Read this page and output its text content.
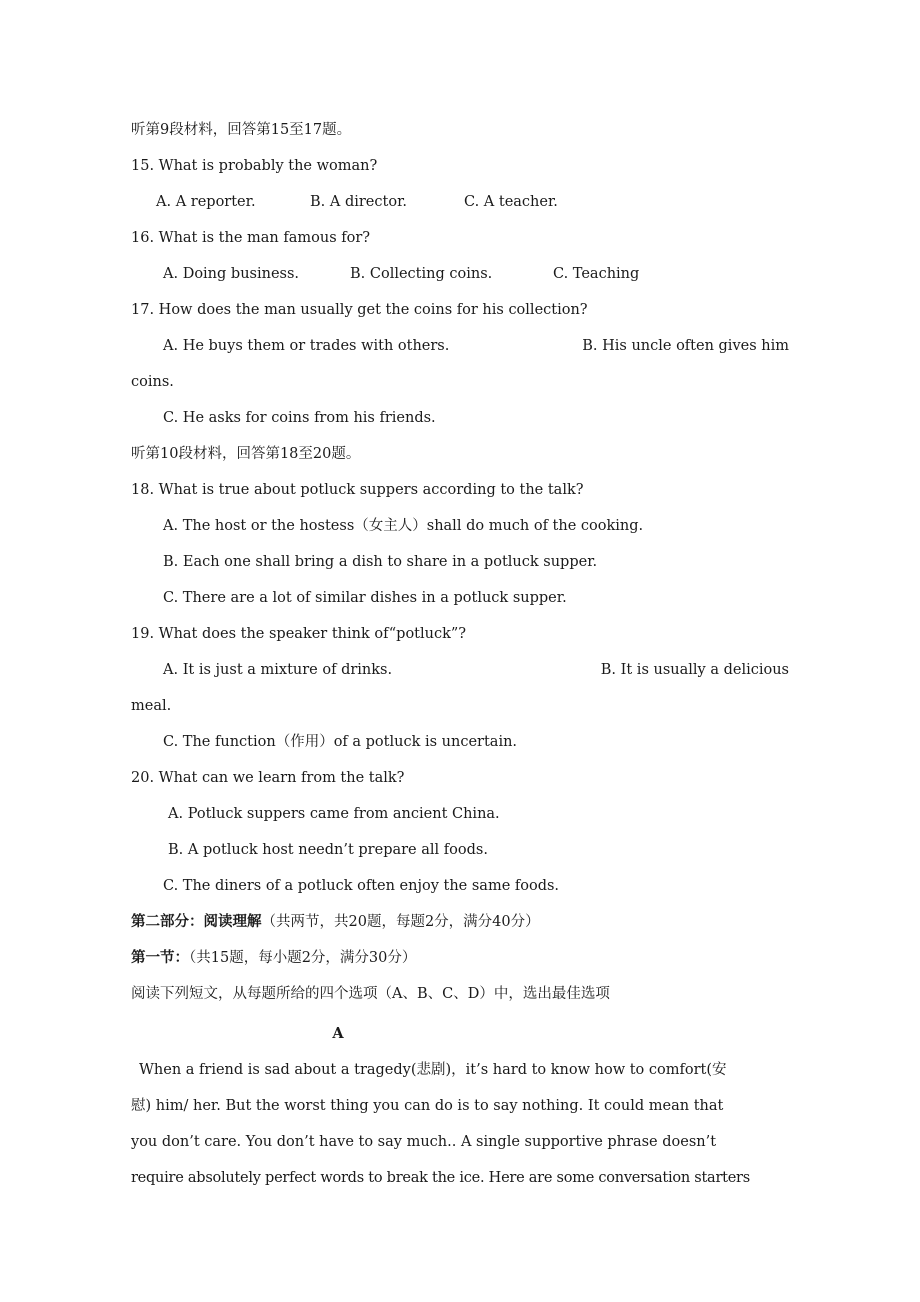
听第9段材料，回答第15至17题。
15. What is probably the woman?
A. A reporter.	B. A director.	C. A teacher.
16. What is the man famous for?
A. Doing business.	B. Collecting coins.	C. Teaching
17. How does the man usually get the coins for his collection?
A. He buys them or trades with others.	B. His uncle often gives him
coins.
C. He asks for coins from his friends.
听第10段材料，回答第18至20题。
18. What is true about potluck suppers according to the talk?
A. The host or the hostess（女主人）shall do much of the cooking.
B. Each one shall bring a dish to share in a potluck supper.
C. There are a lot of similar dishes in a potluck supper.
19. What does the speaker think of“potluck”?
A. It is just a mixture of drinks.	B. It is usually a delicious
meal.
C. The function（作用）of a potluck is uncertain.
20. What can we learn from the talk?
A. Potluck suppers came from ancient China.
B. A potluck host needn’t prepare all foods.
C. The diners of a potluck often enjoy the same foods.
第二部分：阅读理解（共两节，共20题，每题2分，满分40分）
第一节：（共15题，每小题2分，满分30分）
阅读下列短文，从每题所给的四个选项（A、B、C、D）中，选出最佳选项
A
When a friend is sad about a tragedy(悲剧)，it’s hard to know how to comfort(安
慰) him/ her. But the worst thing you can do is to say nothing. It could mean that
you don’t care. You don’t have to say much.. A single supportive phrase doesn’t
require absolutely perfect words to break the ice. Here are some conversation starters
